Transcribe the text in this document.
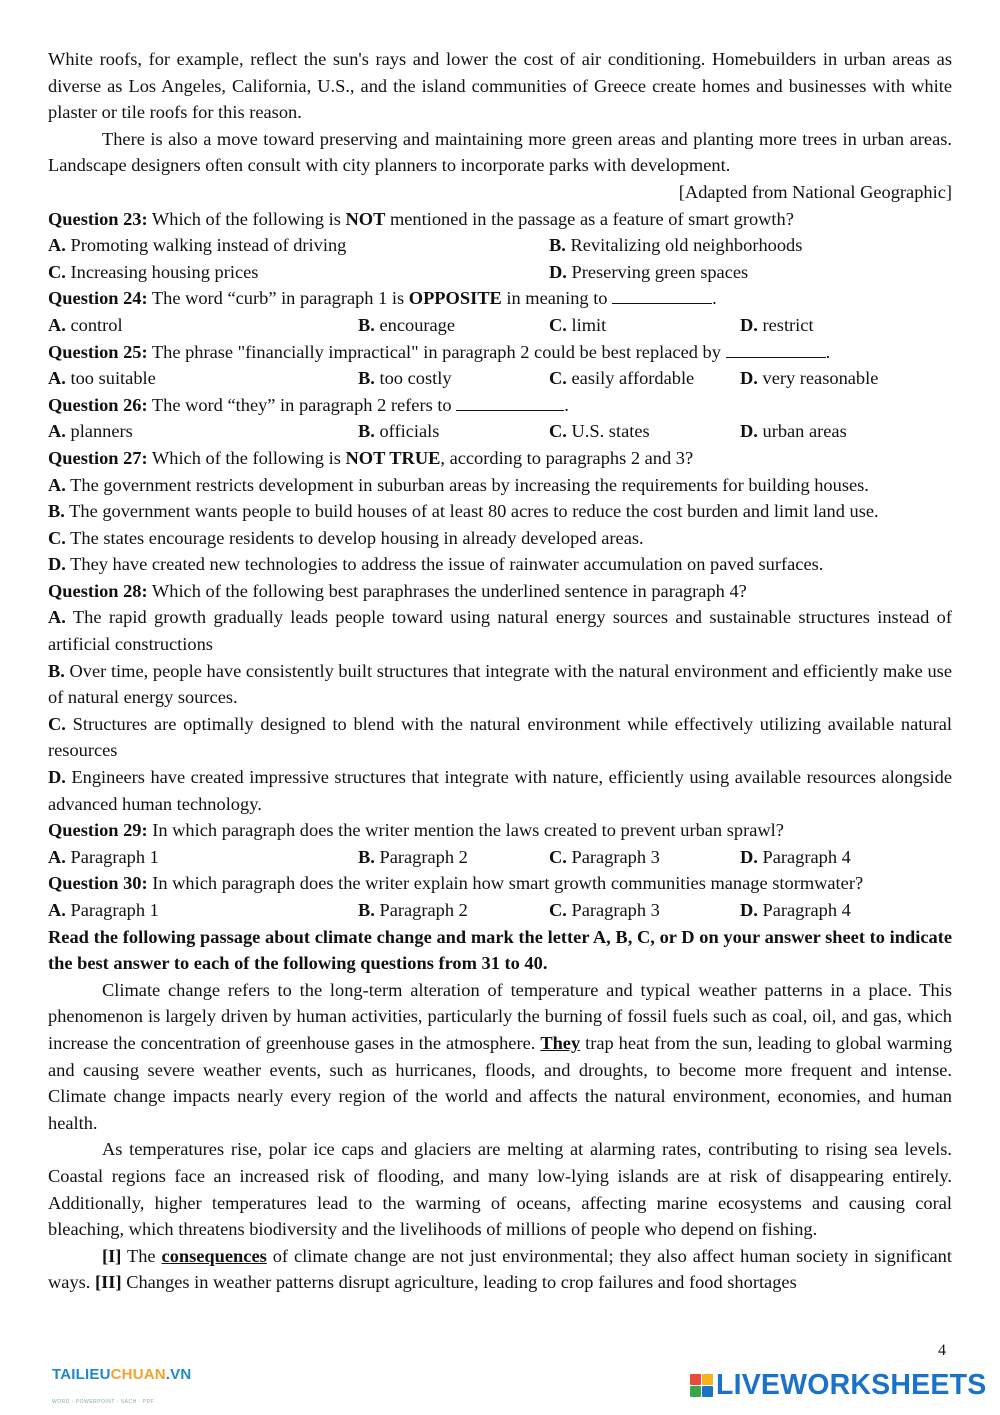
White roofs, for example, reflect the sun's rays and lower the cost of air conditioning. Homebuilders in urban areas as diverse as Los Angeles, California, U.S., and the island communities of Greece create homes and businesses with white plaster or tile roofs for this reason.

There is also a move toward preserving and maintaining more green areas and planting more trees in urban areas. Landscape designers often consult with city planners to incorporate parks with development.

[Adapted from National Geographic]

Question 23: Which of the following is NOT mentioned in the passage as a feature of smart growth?

A. Promoting walking instead of driving	B. Revitalizing old neighborhoods
C. Increasing housing prices	D. Preserving green spaces

Question 24: The word “curb” in paragraph 1 is OPPOSITE in meaning to	.

A. control	B. encourage	C. limit	D. restrict

Question 25: The phrase "financially impractical" in paragraph 2 could be best replaced by	.

A. too suitable	B. too costly	C. easily affordable	D. very reasonable

Question 26: The word “they” in paragraph 2 refers to	.

A. planners	B. officials	C. U.S. states	D. urban areas

Question 27: Which of the following is NOT TRUE, according to paragraphs 2 and 3?

A. The government restricts development in suburban areas by increasing the requirements for building houses.

B. The government wants people to build houses of at least 80 acres to reduce the cost burden and limit land use.

C. The states encourage residents to develop housing in already developed areas.

D. They have created new technologies to address the issue of rainwater accumulation on paved surfaces.

Question 28: Which of the following best paraphrases the underlined sentence in paragraph 4?

A. The rapid growth gradually leads people toward using natural energy sources and sustainable structures instead of artificial constructions

B. Over time, people have consistently built structures that integrate with the natural environment and efficiently make use of natural energy sources.

C. Structures are optimally designed to blend with the natural environment while effectively utilizing available natural resources

D. Engineers have created impressive structures that integrate with nature, efficiently using available resources alongside advanced human technology.

Question 29: In which paragraph does the writer mention the laws created to prevent urban sprawl?

A. Paragraph 1	B. Paragraph 2	C. Paragraph 3	D. Paragraph 4

Question 30: In which paragraph does the writer explain how smart growth communities manage stormwater?

A. Paragraph 1	B. Paragraph 2	C. Paragraph 3	D. Paragraph 4

Read the following passage about climate change and mark the letter A, B, C, or D on your answer sheet to indicate the best answer to each of the following questions from 31 to 40.

Climate change refers to the long-term alteration of temperature and typical weather patterns in a place. This phenomenon is largely driven by human activities, particularly the burning of fossil fuels such as coal, oil, and gas, which increase the concentration of greenhouse gases in the atmosphere. They trap heat from the sun, leading to global warming and causing severe weather events, such as hurricanes, floods, and droughts, to become more frequent and intense. Climate change impacts nearly every region of the world and affects the natural environment, economies, and human health.

As temperatures rise, polar ice caps and glaciers are melting at alarming rates, contributing to rising sea levels. Coastal regions face an increased risk of flooding, and many low-lying islands are at risk of disappearing entirely. Additionally, higher temperatures lead to the warming of oceans, affecting marine ecosystems and causing coral bleaching, which threatens biodiversity and the livelihoods of millions of people who depend on fishing.

[I] The consequences of climate change are not just environmental; they also affect human society in significant ways. [II] Changes in weather patterns disrupt agriculture, leading to crop failures and food shortages

4
TAILIEUCHUAN.VN
WORD · POWERPOINT · SÁCH · PDF
LIVEWORKSHEETS
